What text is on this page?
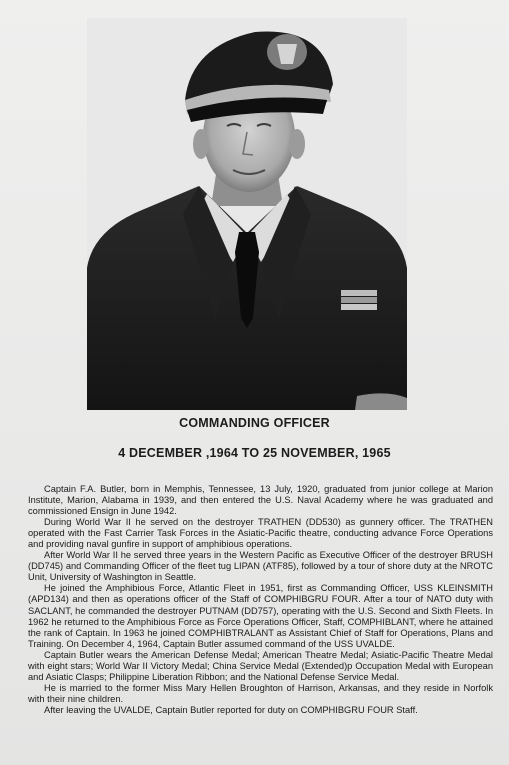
COMMANDING OFFICER
4 DECEMBER ,1964 TO 25 NOVEMBER, 1965

Captain F.A. Butler, born in Memphis, Tennessee, 13 July, 1920, graduated from junior college at Marion Institute, Marion, Alabama in 1939, and then entered the U.S. Naval Academy where he was graduated and commissioned Ensign in June 1942.

During World War II he served on the destroyer TRATHEN (DD530) as gunnery officer. The TRATHEN operated with the Fast Carrier Task Forces in the Asiatic-Pacific theatre, conducting advance Force Operations and providing naval gunfire in support of amphibious operations.

After World War II he served three years in the Western Pacific as Executive Officer of the destroyer BRUSH (DD745) and Commanding Officer of the fleet tug LIPAN (ATF85), followed by a tour of shore duty at the NROTC Unit, University of Washington in Seattle.

He joined the Amphibious Force, Atlantic Fleet in 1951, first as Commanding Officer, USS KLEINSMITH (APD134) and then as operations officer of the Staff of COMPHIBGRU FOUR. After a tour of NATO duty with SACLANT, he commanded the destroyer PUTNAM (DD757), operating with the U.S. Second and Sixth Fleets. In 1962 he returned to the Amphibious Force as Force Operations Officer, Staff, COMPHIBLANT, where he attained the rank of Captain. In 1963 he joined COMPHIBTRALANT as Assistant Chief of Staff for Operations, Plans and Training. On December 4, 1964, Captain Butler assumed command of the USS UVALDE.

Captain Butler wears the American Defense Medal; American Theatre Medal; Asiatic-Pacific Theatre Medal with eight stars; World War II Victory Medal; China Service Medal (Extended)p Occupation Medal with European and Asiatic Clasps; Philippine Liberation Ribbon; and the National Defense Service Medal.

He is married to the former Miss Mary Hellen Broughton of Harrison, Arkansas, and they reside in Norfolk with their nine children.

After leaving the UVALDE, Captain Butler reported for duty on COMPHIBGRU FOUR Staff.
